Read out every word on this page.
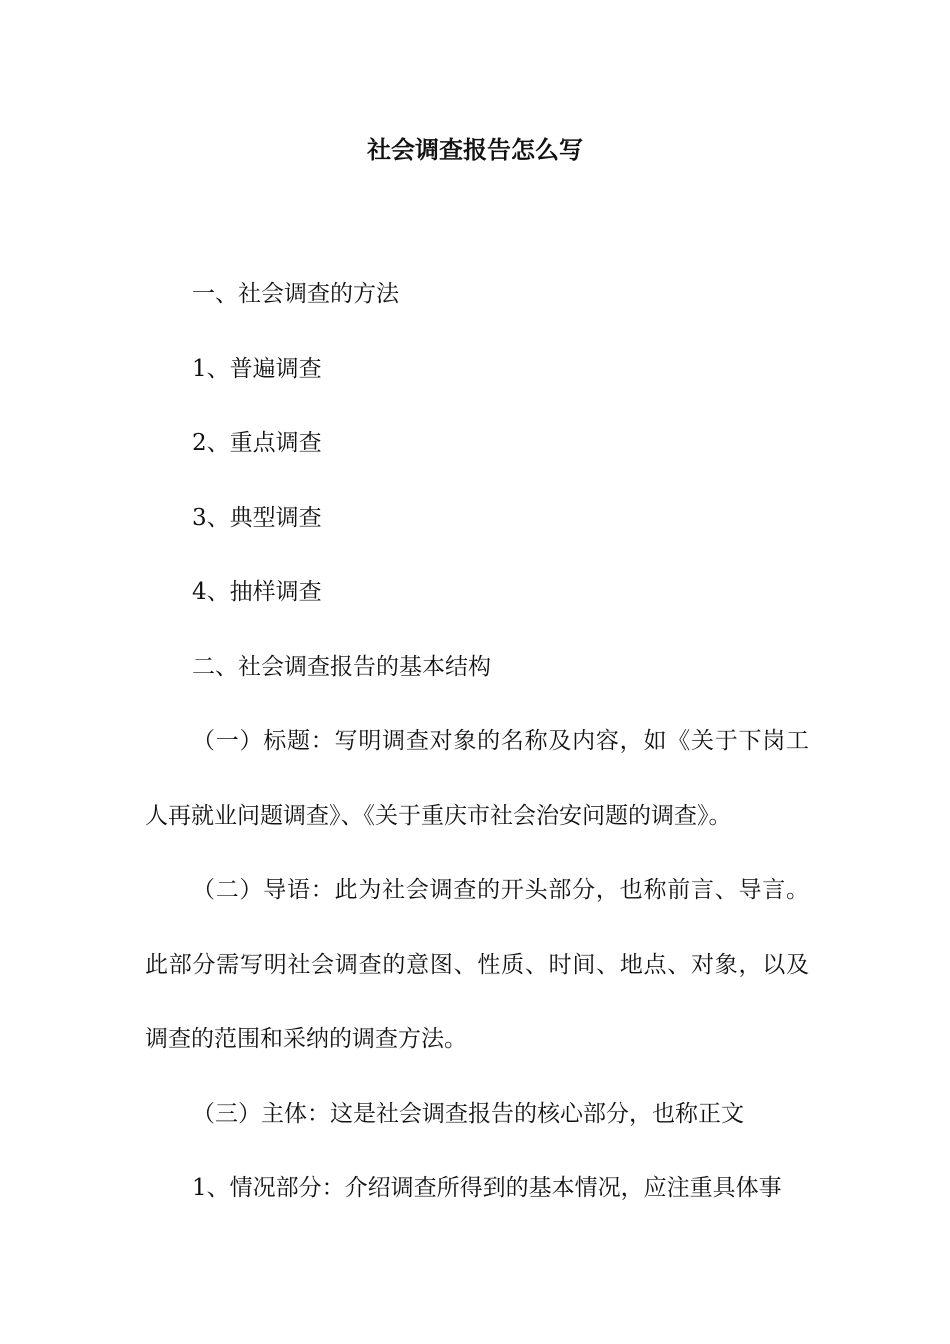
社会调查报告怎么写

一、社会调查的方法

1、普遍调查

2、重点调查

3、典型调查

4、抽样调查

二、社会调查报告的基本结构

（一）标题：写明调查对象的名称及内容，如《关于下岗工人再就业问题调查》、《关于重庆市社会治安问题的调查》。

（二）导语：此为社会调查的开头部分，也称前言、导言。此部分需写明社会调查的意图、性质、时间、地点、对象，以及调查的范围和采纳的调查方法。

（三）主体：这是社会调查报告的核心部分，也称正文

1、情况部分：介绍调查所得到的基本情况，应注重具体事
